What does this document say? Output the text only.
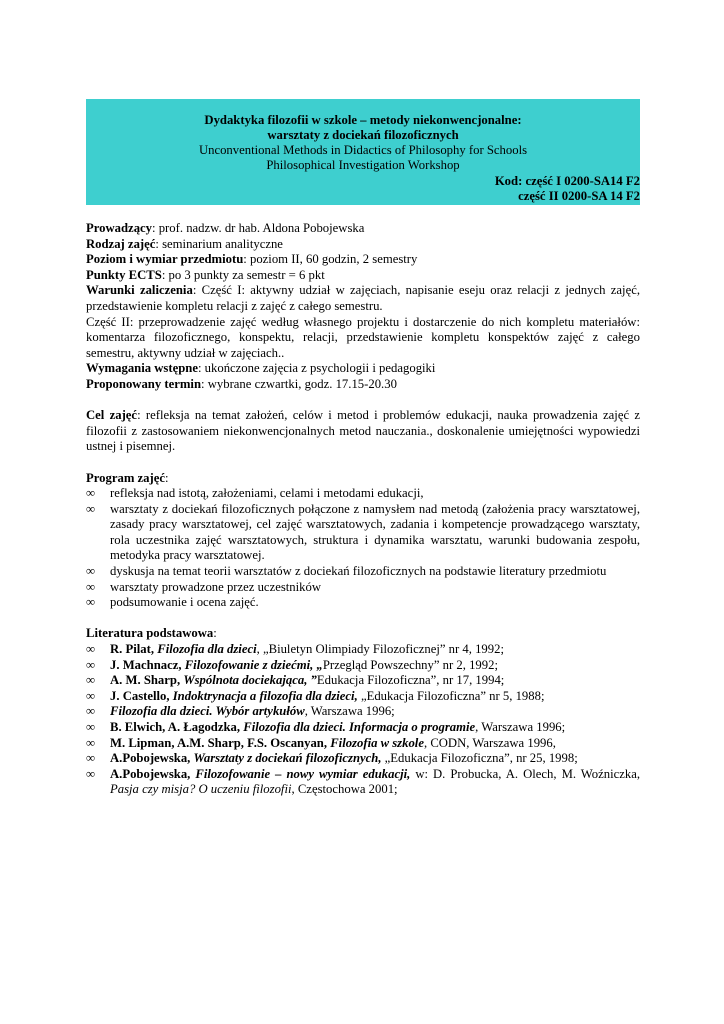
Dydaktyka filozofii w szkole – metody niekonwencjonalne:
warsztaty z dociekań filozoficznych
Unconventional Methods in Didactics of Philosophy for Schools
Philosophical Investigation Workshop
Kod: część I 0200-SA14 F2
część II 0200-SA 14 F2
Prowadzący: prof. nadzw. dr hab. Aldona Pobojewska
Rodzaj zajęć: seminarium analityczne
Poziom i wymiar przedmiotu: poziom II, 60 godzin, 2 semestry
Punkty ECTS: po 3 punkty za semestr = 6 pkt
Warunki zaliczenia: Część I: aktywny udział w zajęciach, napisanie eseju oraz relacji z jednych zajęć, przedstawienie kompletu relacji z zajęć z całego semestru.
Część II: przeprowadzenie zajęć według własnego projektu i dostarczenie do nich kompletu materiałów: komentarza filozoficznego, konspektu, relacji, przedstawienie kompletu konspektów zajęć z całego semestru, aktywny udział w zajęciach..
Wymagania wstępne: ukończone zajęcia z psychologii i pedagogiki
Proponowany termin: wybrane czwartki, godz. 17.15-20.30
Cel zajęć: refleksja na temat założeń, celów i metod i problemów edukacji, nauka prowadzenia zajęć z filozofii z zastosowaniem niekonwencjonalnych metod nauczania., doskonalenie umiejętności wypowiedzi ustnej i pisemnej.
Program zajęć:
∞	refleksja nad istotą, założeniami, celami i metodami edukacji,
∞	warsztaty z dociekań filozoficznych połączone z namysłem nad metodą (założenia pracy warsztatowej, zasady pracy warsztatowej, cel zajęć warsztatowych, zadania i kompetencje prowadzącego warsztaty, rola uczestnika zajęć warsztatowych, struktura i dynamika warsztatu, warunki budowania zespołu, metodyka pracy warsztatowej.
∞	dyskusja na temat teorii warsztatów z dociekań filozoficznych na podstawie literatury przedmiotu
∞	warsztaty prowadzone przez uczestników
∞	podsumowanie i ocena zajęć.
Literatura podstawowa:
∞	R. Pilat, Filozofia dla dzieci, „Biuletyn Olimpiady Filozoficznej” nr 4, 1992;
∞	J. Machnacz, Filozofowanie z dziećmi, „Przegląd Powszechny” nr 2, 1992;
∞	A. M. Sharp, Wspólnota dociekająca, ”Edukacja Filozoficzna”, nr 17, 1994;
∞	J. Castello, Indoktrynacja a filozofia dla dzieci, „Edukacja Filozoficzna” nr 5, 1988;
∞	Filozofia dla dzieci. Wybór artykułów, Warszawa 1996;
∞	B. Elwich, A. Łagodzka, Filozofia dla dzieci. Informacja o programie, Warszawa 1996;
∞	M. Lipman, A.M. Sharp, F.S. Oscanyan, Filozofia w szkole, CODN, Warszawa 1996,
∞	A.Pobojewska, Warsztaty z dociekań filozoficznych, „Edukacja Filozoficzna”, nr 25, 1998;
∞	A.Pobojewska, Filozofowanie – nowy wymiar edukacji, w: D. Probucka, A. Olech, M. Woźniczka, Pasja czy misja? O uczeniu filozofii, Częstochowa 2001;
